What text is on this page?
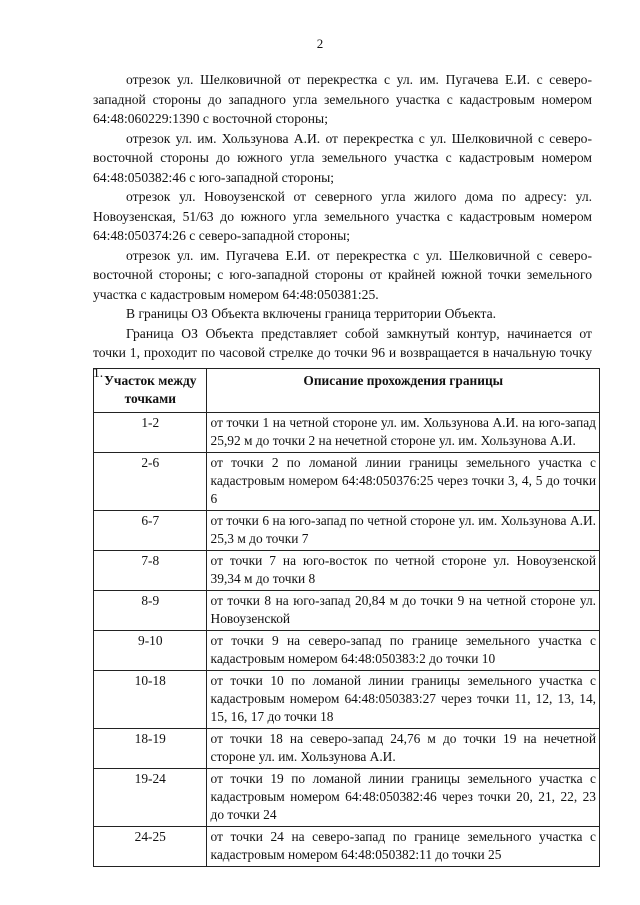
2

отрезок ул. Шелковичной от перекрестка с ул. им. Пугачева Е.И. с северо-западной стороны до западного угла земельного участка с кадастровым номером 64:48:060229:1390 с восточной стороны;

отрезок ул. им. Хользунова А.И. от перекрестка с ул. Шелковичной с северо-восточной стороны до южного угла земельного участка с кадастровым номером 64:48:050382:46 с юго-западной стороны;

отрезок ул. Новоузенской от северного угла жилого дома по адресу: ул. Новоузенская, 51/63 до южного угла земельного участка с кадастровым номером 64:48:050374:26 с северо-западной стороны;

отрезок ул. им. Пугачева Е.И. от перекрестка с ул. Шелковичной с северо-восточной стороны; с юго-западной стороны от крайней южной точки земельного участка с кадастровым номером 64:48:050381:25.

В границы ОЗ Объекта включены граница территории Объекта.

Граница ОЗ Объекта представляет собой замкнутый контур, начинается от точки 1, проходит по часовой стрелке до точки 96 и возвращается в начальную точку 1.

Участок между точками	Описание прохождения границы
1-2	от точки 1 на четной стороне ул. им. Хользунова А.И. на юго-запад 25,92 м до точки 2 на нечетной стороне ул. им. Хользунова А.И.
2-6	от точки 2 по ломаной линии границы земельного участка с кадастровым номером 64:48:050376:25 через точки 3, 4, 5 до точки 6
6-7	от точки 6 на юго-запад по четной стороне ул. им. Хользунова А.И. 25,3 м до точки 7
7-8	от точки 7 на юго-восток по четной стороне ул. Новоузенской 39,34 м до точки 8
8-9	от точки 8 на юго-запад 20,84 м до точки 9 на четной стороне ул. Новоузенской
9-10	от точки 9 на северо-запад по границе земельного участка с кадастровым номером 64:48:050383:2 до точки 10
10-18	от точки 10 по ломаной линии границы земельного участка с кадастровым номером 64:48:050383:27 через точки 11, 12, 13, 14, 15, 16, 17 до точки 18
18-19	от точки 18 на северо-запад 24,76 м до точки 19 на нечетной стороне ул. им. Хользунова А.И.
19-24	от точки 19 по ломаной линии границы земельного участка с кадастровым номером 64:48:050382:46 через точки 20, 21, 22, 23 до точки 24
24-25	от точки 24 на северо-запад по границе земельного участка с кадастровым номером 64:48:050382:11 до точки 25
